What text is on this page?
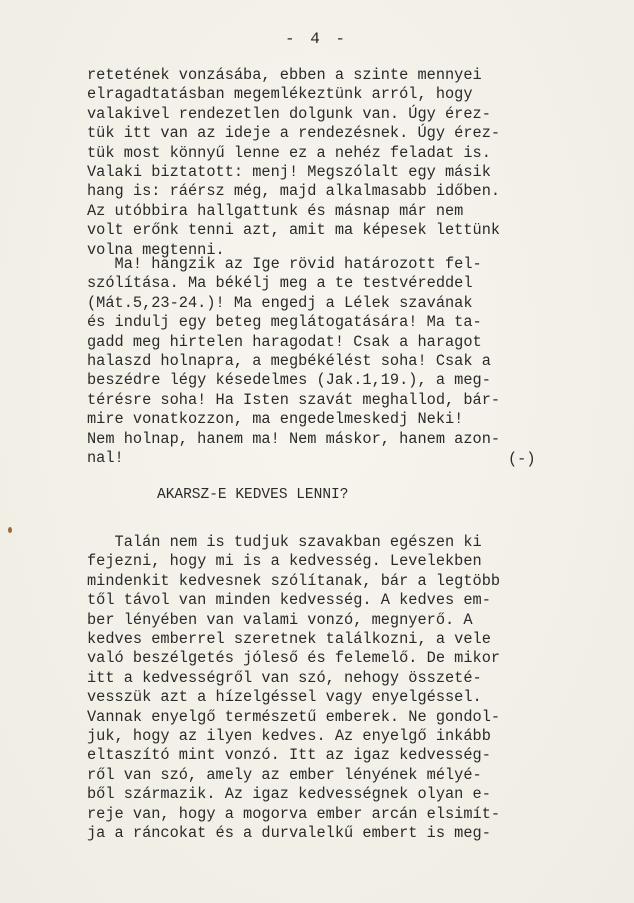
- 4 -
retetének vonzásába, ebben a szinte mennyei
elragadtatásban megemlékeztünk arról, hogy
valakivel rendezetlen dolgunk van. Úgy érez-
tük itt van az ideje a rendezésnek. Úgy érez-
tük most könnyű lenne ez a nehéz feladat is.
Valaki biztatott: menj! Megszólalt egy másik
hang is: ráérsz még, majd alkalmasabb időben.
Az utóbbira hallgattunk és másnap már nem
volt erőnk tenni azt, amit ma képesek lettünk
volna megtenni.
Ma! hangzik az Ige rövid határozott fel-
szólítása. Ma békélj meg a te testvéreddel
(Mát.5,23-24.)! Ma engedj a Lélek szavának
és indulj egy beteg meglátogatására! Ma ta-
gadd meg hirtelen haragodat! Csak a haragot
halaszd holnapra, a megbékélést soha! Csak a
beszédre légy késedelmes (Jak.1,19.), a meg-
térésre soha! Ha Isten szavát meghallod, bár-
mire vonatkozzon, ma engedelmeskedj Neki!
Nem holnap, hanem ma! Nem máskor, hanem azon-
nal!	(-)
AKARSZ-E KEDVES LENNI?
Talán nem is tudjuk szavakban egészen ki
fejezni, hogy mi is a kedvesség. Levelekben
mindenkit kedvesnek szólítanak, bár a legtöbb
től távol van minden kedvesség. A kedves em-
ber lényében van valami vonzó, megnyerő. A
kedves emberrel szeretnek találkozni, a vele
való beszélgetés jóleső és felemelő. De mikor
itt a kedvességről van szó, nehogy összeté-
vesszük azt a hízelgéssel vagy enyelgéssel.
Vannak enyelgő természetű emberek. Ne gondol-
juk, hogy az ilyen kedves. Az enyelgő inkább
eltaszító mint vonzó. Itt az igaz kedvesség-
ről van szó, amely az ember lényének mélyé-
ből származik. Az igaz kedvességnek olyan e-
reje van, hogy a mogorva ember arcán elsimít-
ja a ráncokat és a durvalelkű embert is meg-
